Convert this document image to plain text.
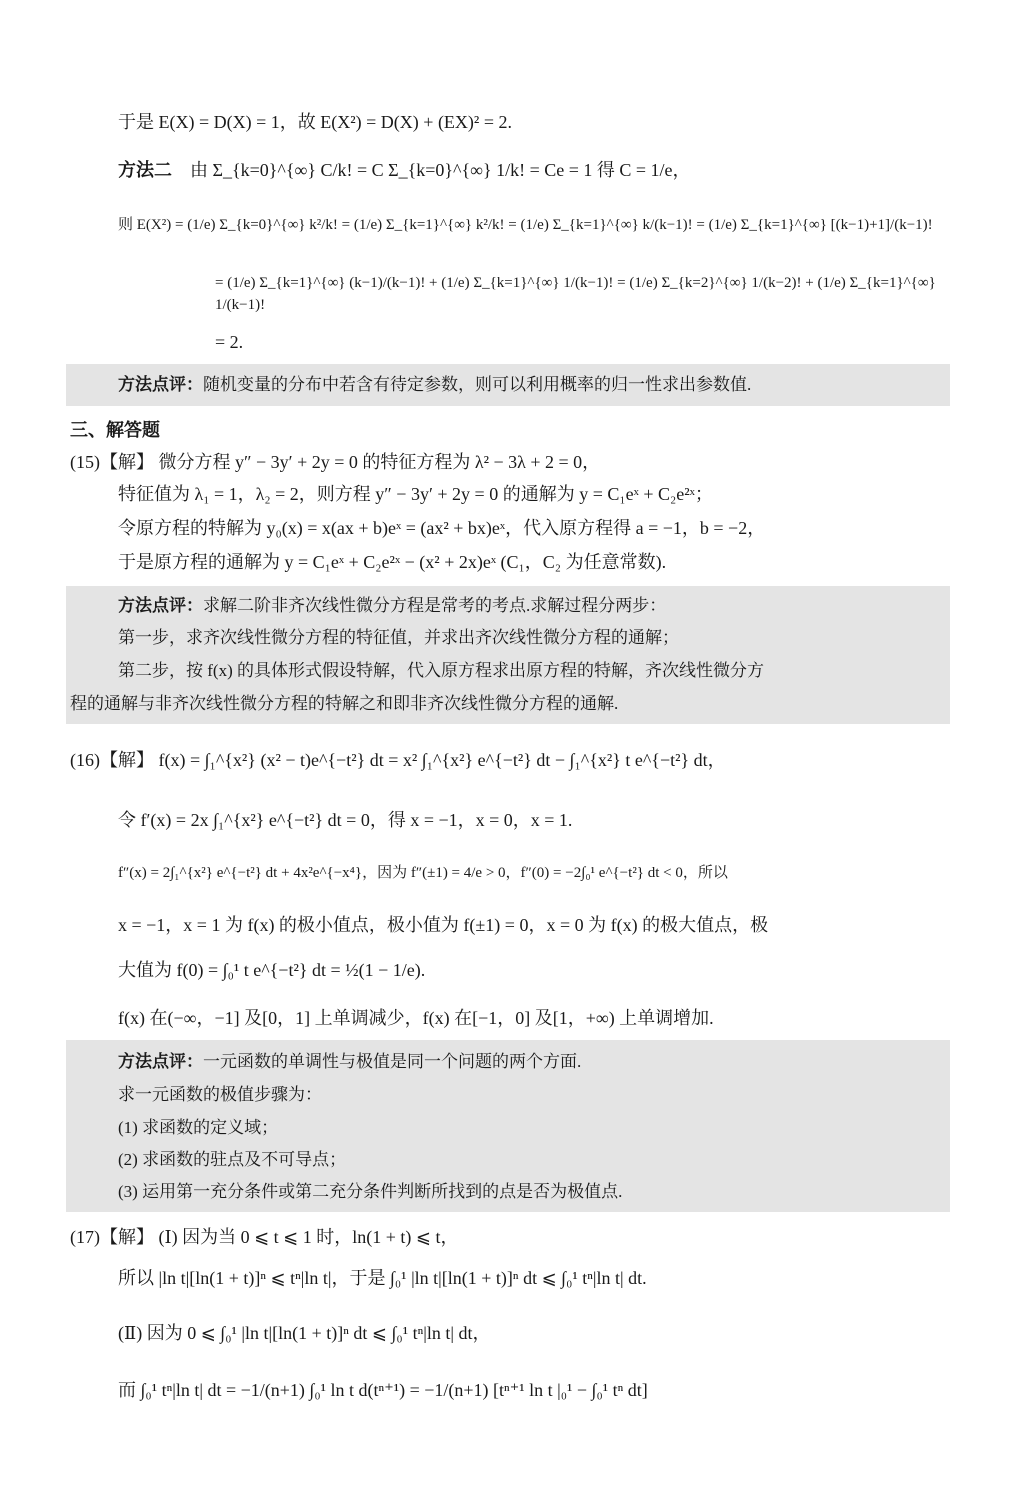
于是 E(X) = D(X) = 1，故 E(X²) = D(X) + (EX)² = 2.
方法二 由 Σ_{k=0}^{∞} C/k! = C Σ_{k=0}^{∞} 1/k! = Ce = 1 得 C = 1/e，
则 E(X²) = (1/e) Σ_{k=0}^{∞} k²/k! = (1/e) Σ_{k=1}^{∞} k²/k! = (1/e) Σ_{k=1}^{∞} k/(k−1)! = (1/e) Σ_{k=1}^{∞} [(k−1)+1]/(k−1)!
= (1/e) Σ_{k=1}^{∞} (k−1)/(k−1)! + (1/e) Σ_{k=1}^{∞} 1/(k−1)! = (1/e) Σ_{k=2}^{∞} 1/(k−2)! + (1/e) Σ_{k=1}^{∞} 1/(k−1)!
= 2.
方法点评：随机变量的分布中若含有待定参数，则可以利用概率的归一性求出参数值.
三、解答题
(15)【解】 微分方程 y″ − 3y′ + 2y = 0 的特征方程为 λ² − 3λ + 2 = 0，
特征值为 λ₁ = 1，λ₂ = 2，则方程 y″ − 3y′ + 2y = 0 的通解为 y = C₁eˣ + C₂e²ˣ；
令原方程的特解为 y₀(x) = x(ax + b)eˣ = (ax² + bx)eˣ，代入原方程得 a = −1，b = −2，
于是原方程的通解为 y = C₁eˣ + C₂e²ˣ − (x² + 2x)eˣ (C₁，C₂ 为任意常数).
方法点评：求解二阶非齐次线性微分方程是常考的考点.求解过程分两步：
第一步，求齐次线性微分方程的特征值，并求出齐次线性微分方程的通解；
第二步，按 f(x) 的具体形式假设特解，代入原方程求出原方程的特解，齐次线性微分方
程的通解与非齐次线性微分方程的特解之和即非齐次线性微分方程的通解.
(16)【解】 f(x) = ∫₁^{x²} (x² − t)e^{−t²} dt = x² ∫₁^{x²} e^{−t²} dt − ∫₁^{x²} t e^{−t²} dt，
令 f′(x) = 2x ∫₁^{x²} e^{−t²} dt = 0，得 x = −1，x = 0，x = 1.
f″(x) = 2∫₁^{x²} e^{−t²} dt + 4x²e^{−x⁴}，因为 f″(±1) = 4/e > 0，f″(0) = −2∫₀¹ e^{−t²} dt < 0，所以
x = −1，x = 1 为 f(x) 的极小值点，极小值为 f(±1) = 0，x = 0 为 f(x) 的极大值点，极
大值为 f(0) = ∫₀¹ t e^{−t²} dt = ½(1 − 1/e).
f(x) 在(−∞，−1] 及[0，1] 上单调减少，f(x) 在[−1，0] 及[1，+∞) 上单调增加.
方法点评：一元函数的单调性与极值是同一个问题的两个方面.
求一元函数的极值步骤为：
(1) 求函数的定义域；
(2) 求函数的驻点及不可导点；
(3) 运用第一充分条件或第二充分条件判断所找到的点是否为极值点.
(17)【解】 (Ⅰ) 因为当 0 ⩽ t ⩽ 1 时，ln(1 + t) ⩽ t，
所以 |ln t|[ln(1 + t)]ⁿ ⩽ tⁿ|ln t|，于是 ∫₀¹ |ln t|[ln(1 + t)]ⁿ dt ⩽ ∫₀¹ tⁿ|ln t| dt.
(Ⅱ) 因为 0 ⩽ ∫₀¹ |ln t|[ln(1 + t)]ⁿ dt ⩽ ∫₀¹ tⁿ|ln t| dt，
而 ∫₀¹ tⁿ|ln t| dt = −1/(n+1) ∫₀¹ ln t d(tⁿ⁺¹) = −1/(n+1) [tⁿ⁺¹ ln t |₀¹ − ∫₀¹ tⁿ dt]
